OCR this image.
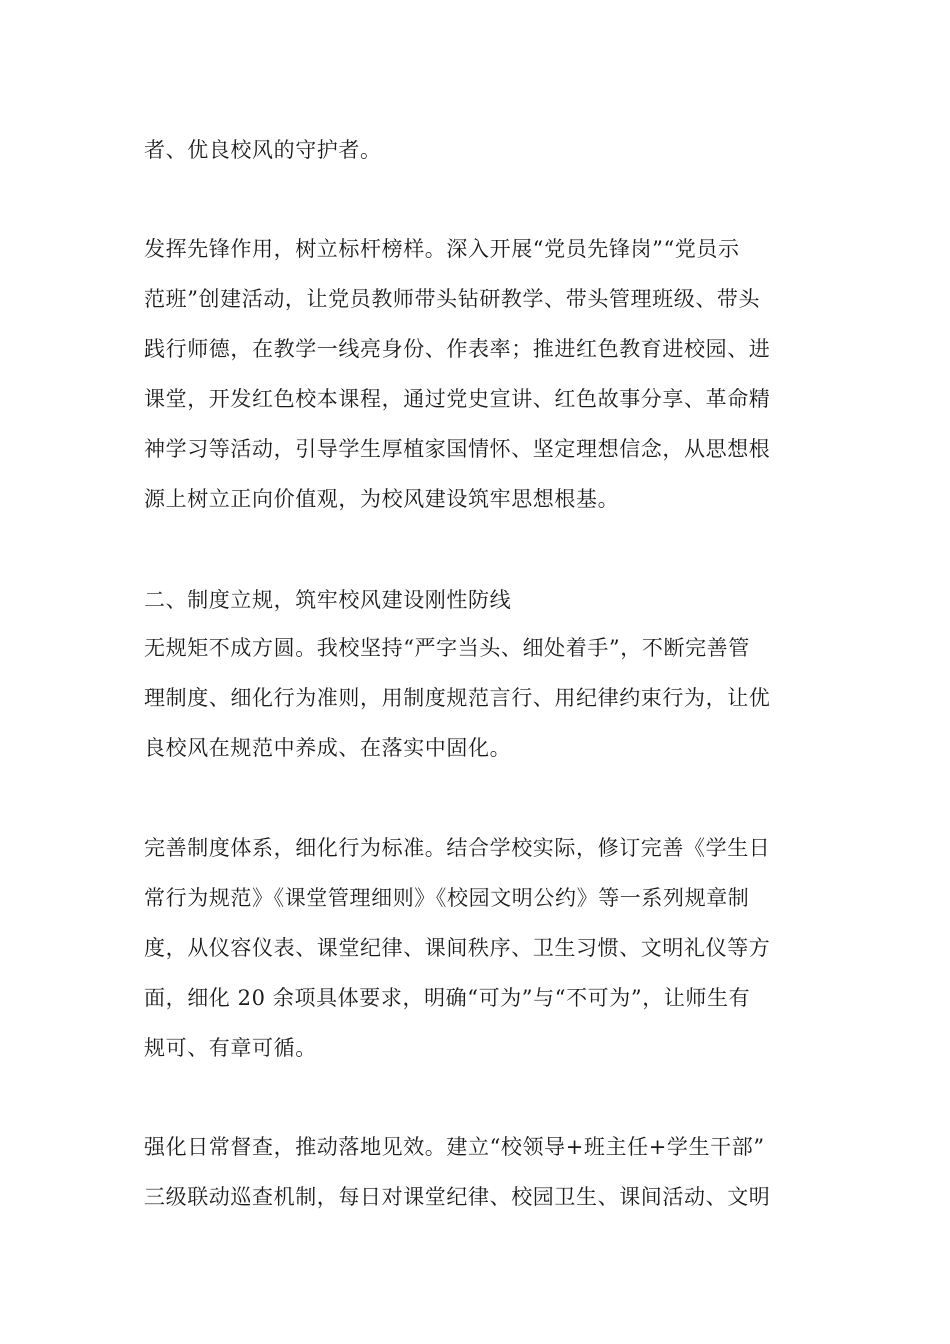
者、优良校风的守护者。
发挥先锋作用，树立标杆榜样。深入开展“党员先锋岗”“党员示
范班”创建活动，让党员教师带头钻研教学、带头管理班级、带头
践行师德，在教学一线亮身份、作表率；推进红色教育进校园、进
课堂，开发红色校本课程，通过党史宣讲、红色故事分享、革命精
神学习等活动，引导学生厚植家国情怀、坚定理想信念，从思想根
源上树立正向价值观，为校风建设筑牢思想根基。
二、制度立规，筑牢校风建设刚性防线
无规矩不成方圆。我校坚持“严字当头、细处着手”，不断完善管
理制度、细化行为准则，用制度规范言行、用纪律约束行为，让优
良校风在规范中养成、在落实中固化。
完善制度体系，细化行为标准。结合学校实际，修订完善《学生日
常行为规范》《课堂管理细则》《校园文明公约》等一系列规章制
度，从仪容仪表、课堂纪律、课间秩序、卫生习惯、文明礼仪等方
面，细化 20 余项具体要求，明确“可为”与“不可为”，让师生有
规可、有章可循。
强化日常督查，推动落地见效。建立“校领导+班主任+学生干部”
三级联动巡查机制，每日对课堂纪律、校园卫生、课间活动、文明
